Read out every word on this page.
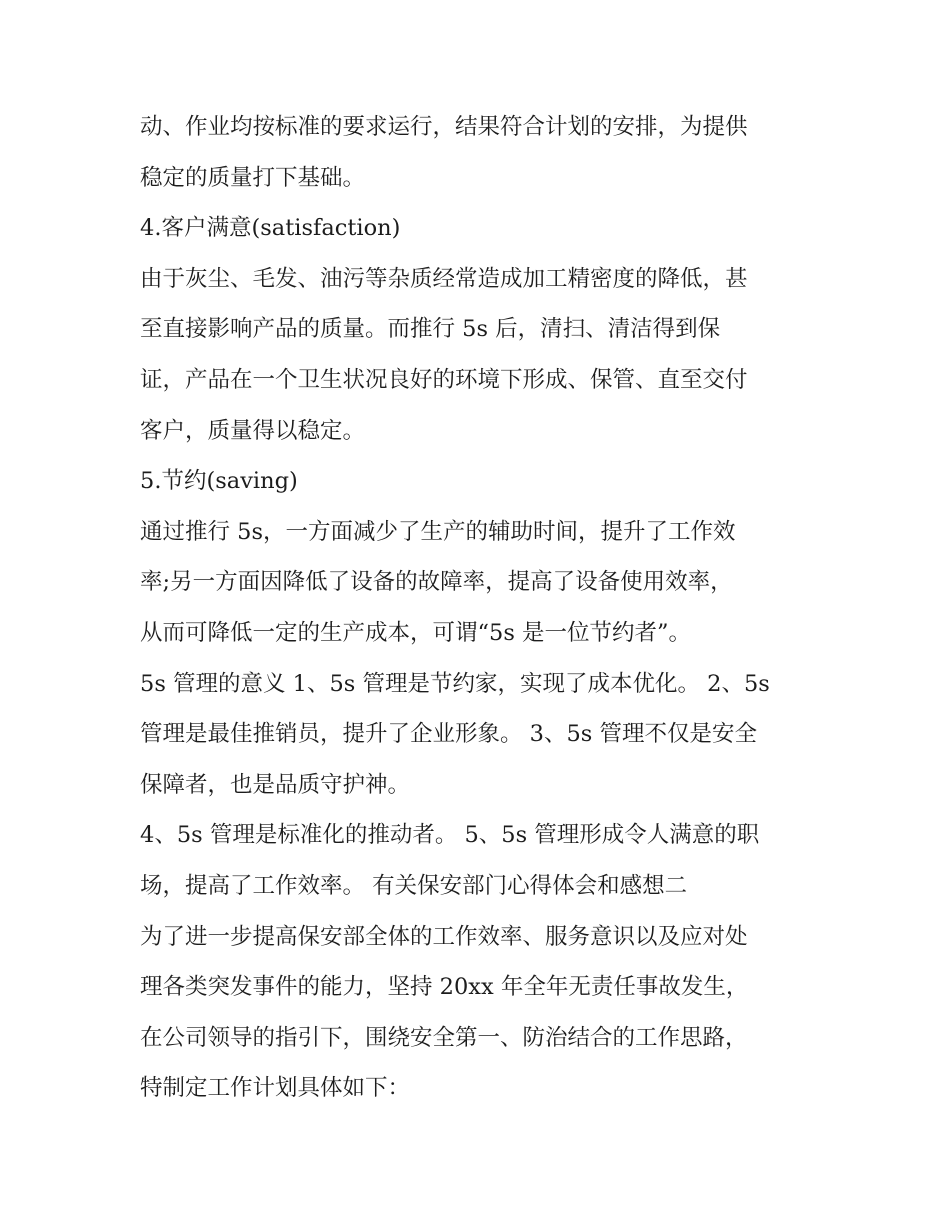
动、作业均按标准的要求运行，结果符合计划的安排，为提供
稳定的质量打下基础。
4.客户满意(satisfaction)
由于灰尘、毛发、油污等杂质经常造成加工精密度的降低，甚
至直接影响产品的质量。而推行 5s 后，清扫、清洁得到保
证，产品在一个卫生状况良好的环境下形成、保管、直至交付
客户，质量得以稳定。
5.节约(saving)
通过推行 5s，一方面减少了生产的辅助时间，提升了工作效
率;另一方面因降低了设备的故障率，提高了设备使用效率，
从而可降低一定的生产成本，可谓“5s 是一位节约者”。
5s 管理的意义 1、5s 管理是节约家，实现了成本优化。 2、5s
管理是最佳推销员，提升了企业形象。 3、5s 管理不仅是安全
保障者，也是品质守护神。
4、5s 管理是标准化的推动者。 5、5s 管理形成令人满意的职
场，提高了工作效率。 有关保安部门心得体会和感想二
为了进一步提高保安部全体的工作效率、服务意识以及应对处
理各类突发事件的能力，坚持 20xx 年全年无责任事故发生，
在公司领导的指引下，围绕安全第一、防治结合的工作思路，
特制定工作计划具体如下：
